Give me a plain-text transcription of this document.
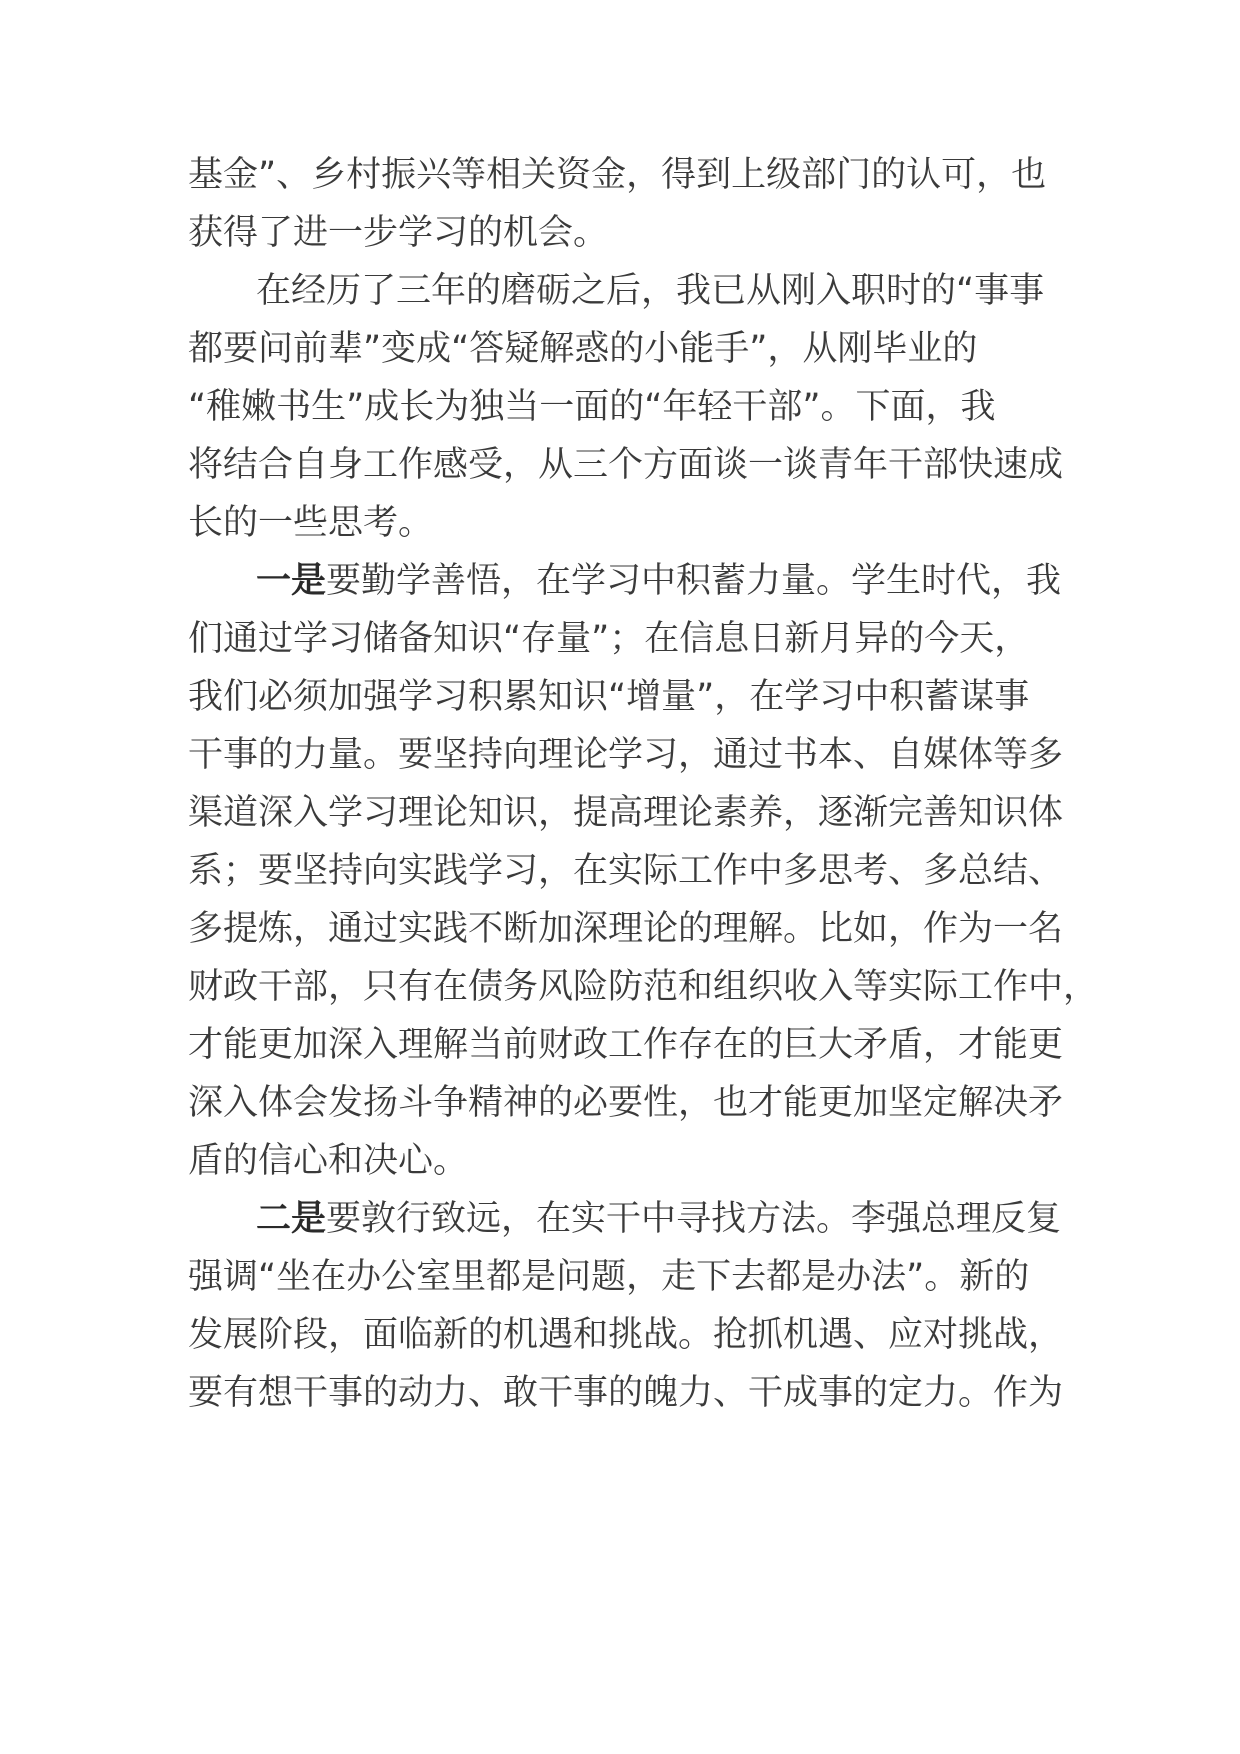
基金”、乡村振兴等相关资金，得到上级部门的认可，也
获得了进一步学习的机会。
在经历了三年的磨砺之后，我已从刚入职时的“事事
都要问前辈”变成“答疑解惑的小能手”，从刚毕业的
“稚嫩书生”成长为独当一面的“年轻干部”。下面，我
将结合自身工作感受，从三个方面谈一谈青年干部快速成
长的一些思考。
一是要勤学善悟，在学习中积蓄力量。学生时代，我
们通过学习储备知识“存量”；在信息日新月异的今天，
我们必须加强学习积累知识“增量”，在学习中积蓄谋事
干事的力量。要坚持向理论学习，通过书本、自媒体等多
渠道深入学习理论知识，提高理论素养，逐渐完善知识体
系；要坚持向实践学习，在实际工作中多思考、多总结、
多提炼，通过实践不断加深理论的理解。比如，作为一名
财政干部，只有在债务风险防范和组织收入等实际工作中，
才能更加深入理解当前财政工作存在的巨大矛盾，才能更
深入体会发扬斗争精神的必要性，也才能更加坚定解决矛
盾的信心和决心。
二是要敦行致远，在实干中寻找方法。李强总理反复
强调“坐在办公室里都是问题，走下去都是办法”。新的
发展阶段，面临新的机遇和挑战。抢抓机遇、应对挑战，
要有想干事的动力、敢干事的魄力、干成事的定力。作为
